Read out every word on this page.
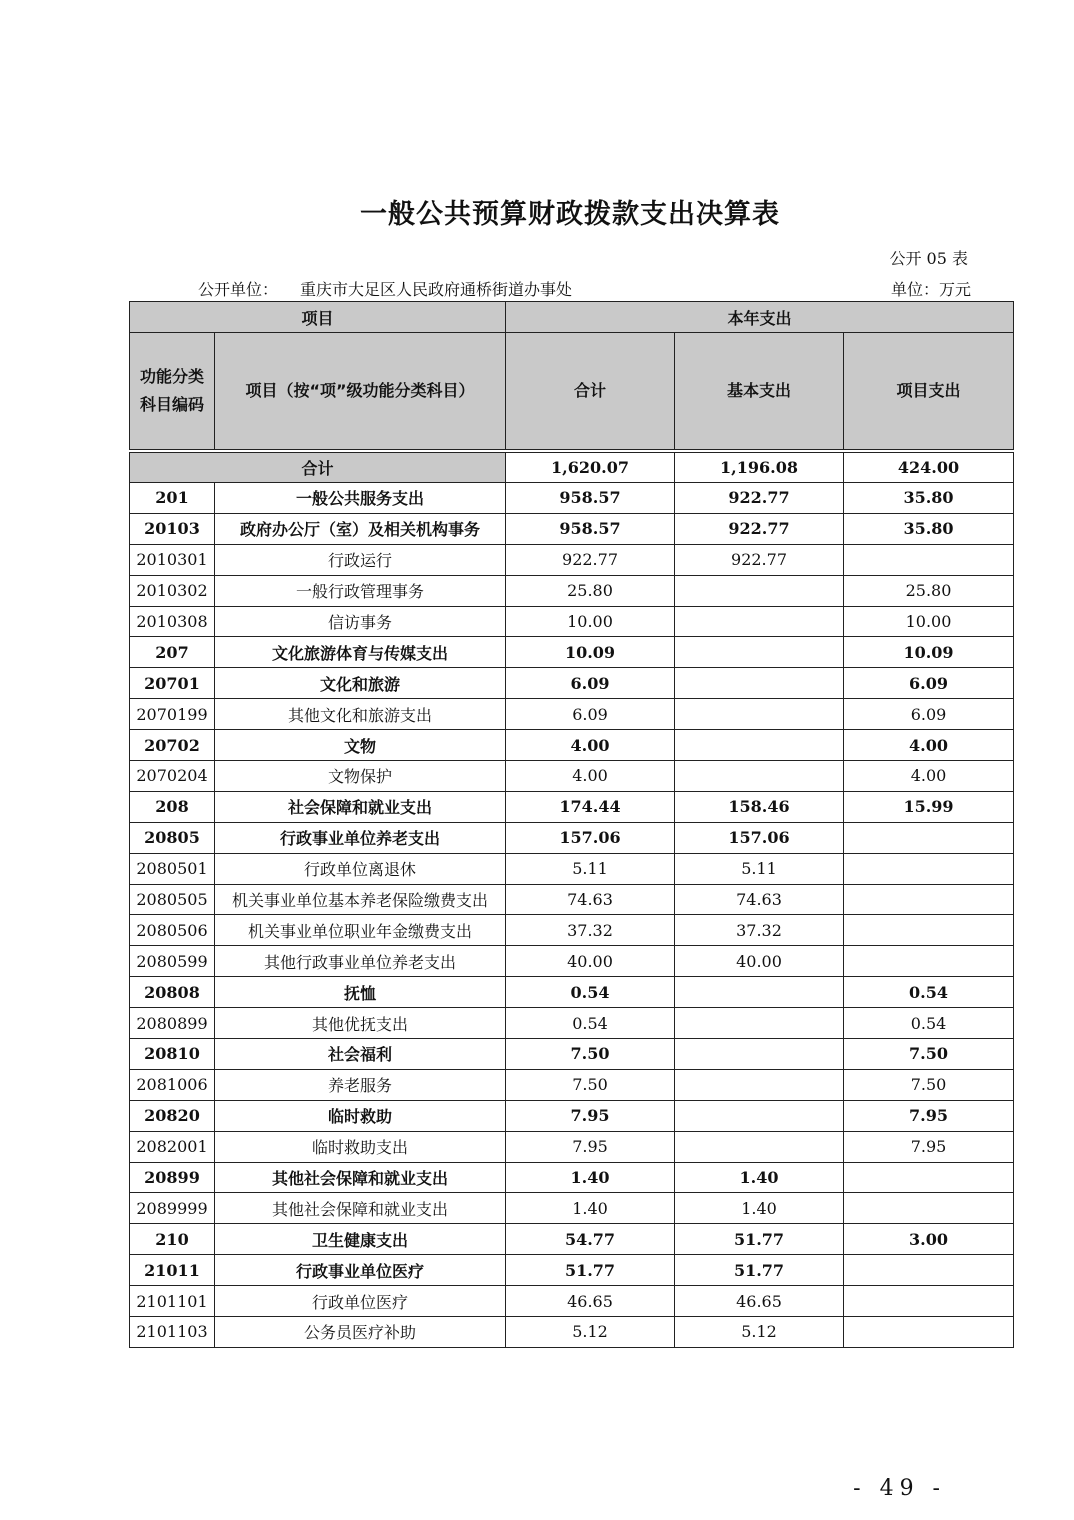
一般公共预算财政拨款支出决算表
公开 05 表
公开单位： 重庆市大足区人民政府通桥街道办事处	单位：万元
项目		本年支出		
功能分类科目编码	项目（按“项”级功能分类科目）	合计	基本支出	项目支出

合计		1,620.07	1,196.08	424.00
201	一般公共服务支出	958.57	922.77	35.80
20103	政府办公厅（室）及相关机构事务	958.57	922.77	35.80
2010301	行政运行	922.77	922.77	
2010302	一般行政管理事务	25.80		25.80
2010308	信访事务	10.00		10.00
207	文化旅游体育与传媒支出	10.09		10.09
20701	文化和旅游	6.09		6.09
2070199	其他文化和旅游支出	6.09		6.09
20702	文物	4.00		4.00
2070204	文物保护	4.00		4.00
208	社会保障和就业支出	174.44	158.46	15.99
20805	行政事业单位养老支出	157.06	157.06	
2080501	行政单位离退休	5.11	5.11	
2080505	机关事业单位基本养老保险缴费支出	74.63	74.63	
2080506	机关事业单位职业年金缴费支出	37.32	37.32	
2080599	其他行政事业单位养老支出	40.00	40.00	
20808	抚恤	0.54		0.54
2080899	其他优抚支出	0.54		0.54
20810	社会福利	7.50		7.50
2081006	养老服务	7.50		7.50
20820	临时救助	7.95		7.95
2082001	临时救助支出	7.95		7.95
20899	其他社会保障和就业支出	1.40	1.40	
2089999	其他社会保障和就业支出	1.40	1.40	
210	卫生健康支出	54.77	51.77	3.00
21011	行政事业单位医疗	51.77	51.77	
2101101	行政单位医疗	46.65	46.65	
2101103	公务员医疗补助	5.12	5.12	
- 49 -
